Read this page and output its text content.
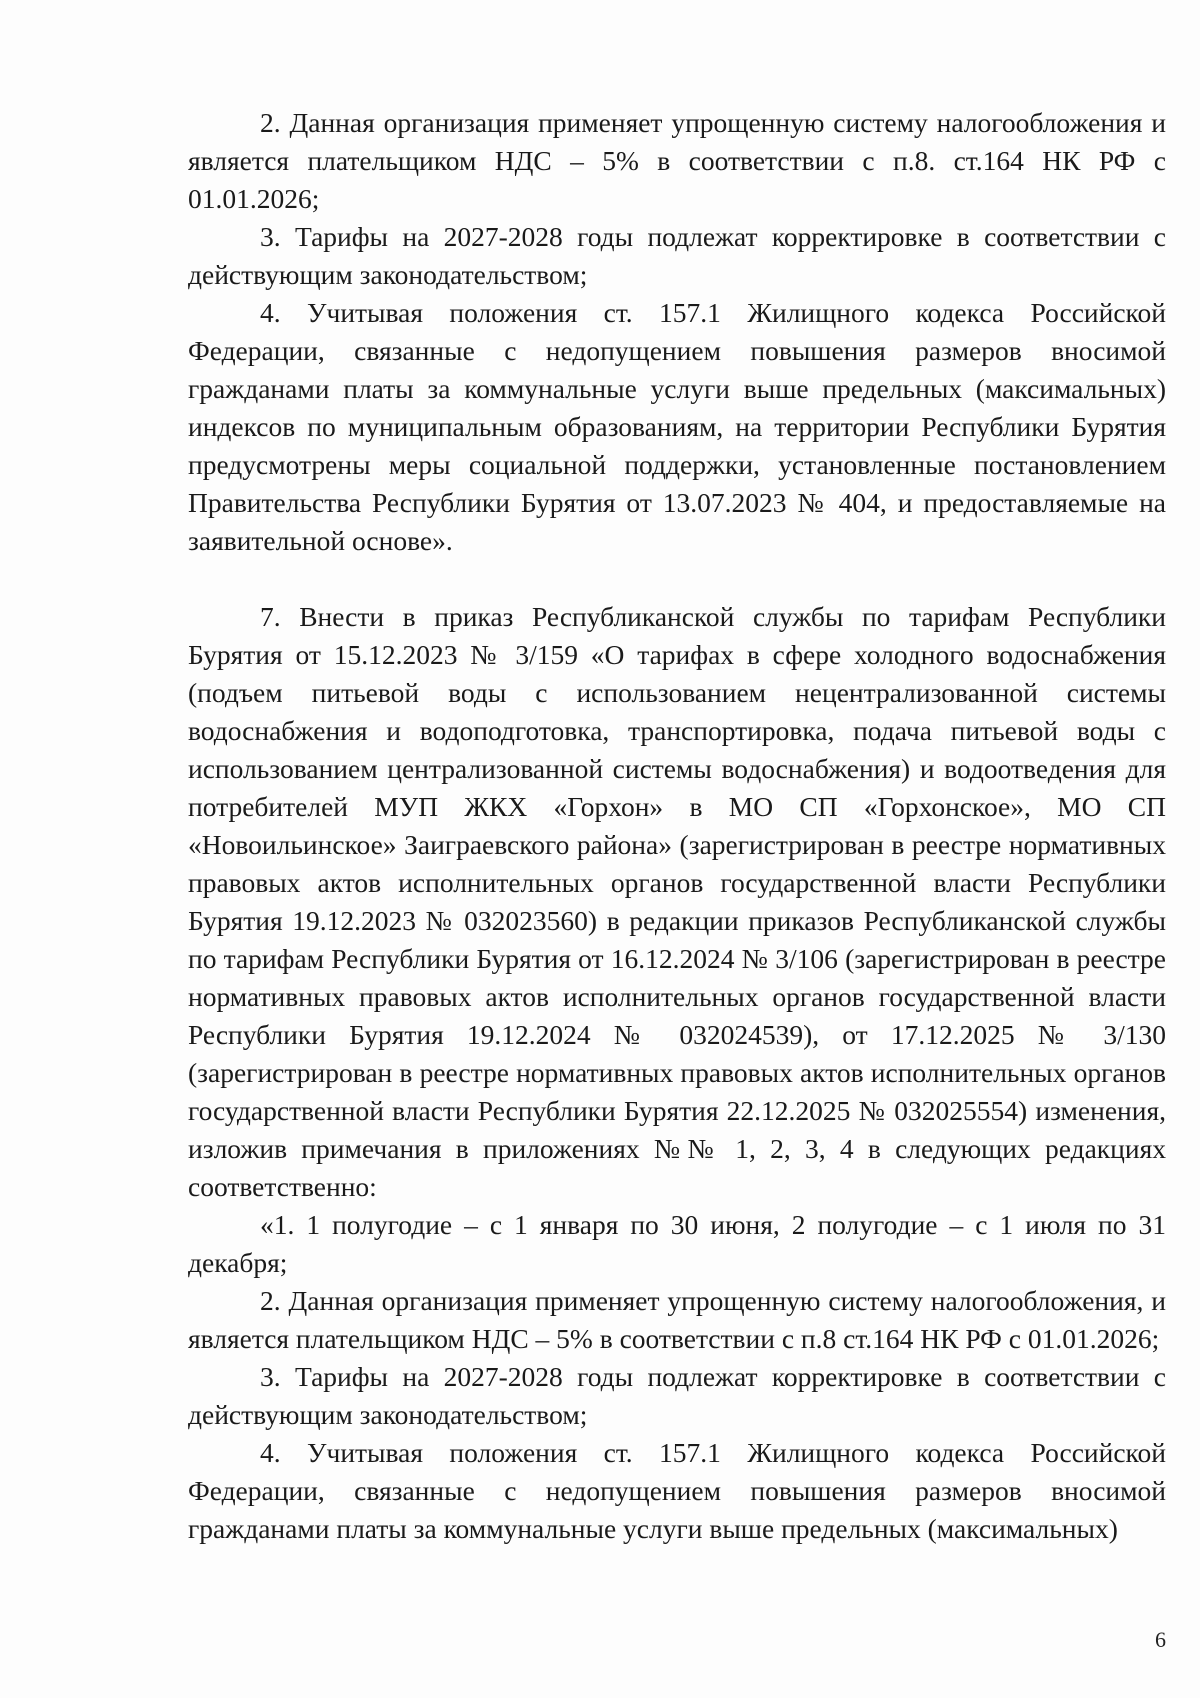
2. Данная организация применяет упрощенную систему налогообложения и является плательщиком НДС – 5% в соответствии с п.8. ст.164 НК РФ с 01.01.2026;

3. Тарифы на 2027-2028 годы подлежат корректировке в соответствии с действующим законодательством;

4. Учитывая положения ст. 157.1 Жилищного кодекса Российской Федерации, связанные с недопущением повышения размеров вносимой гражданами платы за коммунальные услуги выше предельных (максимальных) индексов по муниципальным образованиям, на территории Республики Бурятия предусмотрены меры социальной поддержки, установленные постановлением Правительства Республики Бурятия от 13.07.2023 № 404, и предоставляемые на заявительной основе».

7. Внести в приказ Республиканской службы по тарифам Республики Бурятия от 15.12.2023 № 3/159 «О тарифах в сфере холодного водоснабжения (подъем питьевой воды с использованием нецентрализованной системы водоснабжения и водоподготовка, транспортировка, подача питьевой воды с использованием централизованной системы водоснабжения) и водоотведения для потребителей МУП ЖКХ «Горхон» в МО СП «Горхонское», МО СП «Новоильинское» Заиграевского района» (зарегистрирован в реестре нормативных правовых актов исполнительных органов государственной власти Республики Бурятия 19.12.2023 № 032023560) в редакции приказов Республиканской службы по тарифам Республики Бурятия от 16.12.2024 № 3/106 (зарегистрирован в реестре нормативных правовых актов исполнительных органов государственной власти Республики Бурятия 19.12.2024 № 032024539), от 17.12.2025 № 3/130 (зарегистрирован в реестре нормативных правовых актов исполнительных органов государственной власти Республики Бурятия 22.12.2025 № 032025554) изменения, изложив примечания в приложениях №№ 1, 2, 3, 4 в следующих редакциях соответственно:

«1. 1 полугодие – с 1 января по 30 июня, 2 полугодие – с 1 июля по 31 декабря;

2. Данная организация применяет упрощенную систему налогообложения, и является плательщиком НДС – 5% в соответствии с п.8 ст.164 НК РФ с 01.01.2026;

3. Тарифы на 2027-2028 годы подлежат корректировке в соответствии с действующим законодательством;

4. Учитывая положения ст. 157.1 Жилищного кодекса Российской Федерации, связанные с недопущением повышения размеров вносимой гражданами платы за коммунальные услуги выше предельных (максимальных)

6
